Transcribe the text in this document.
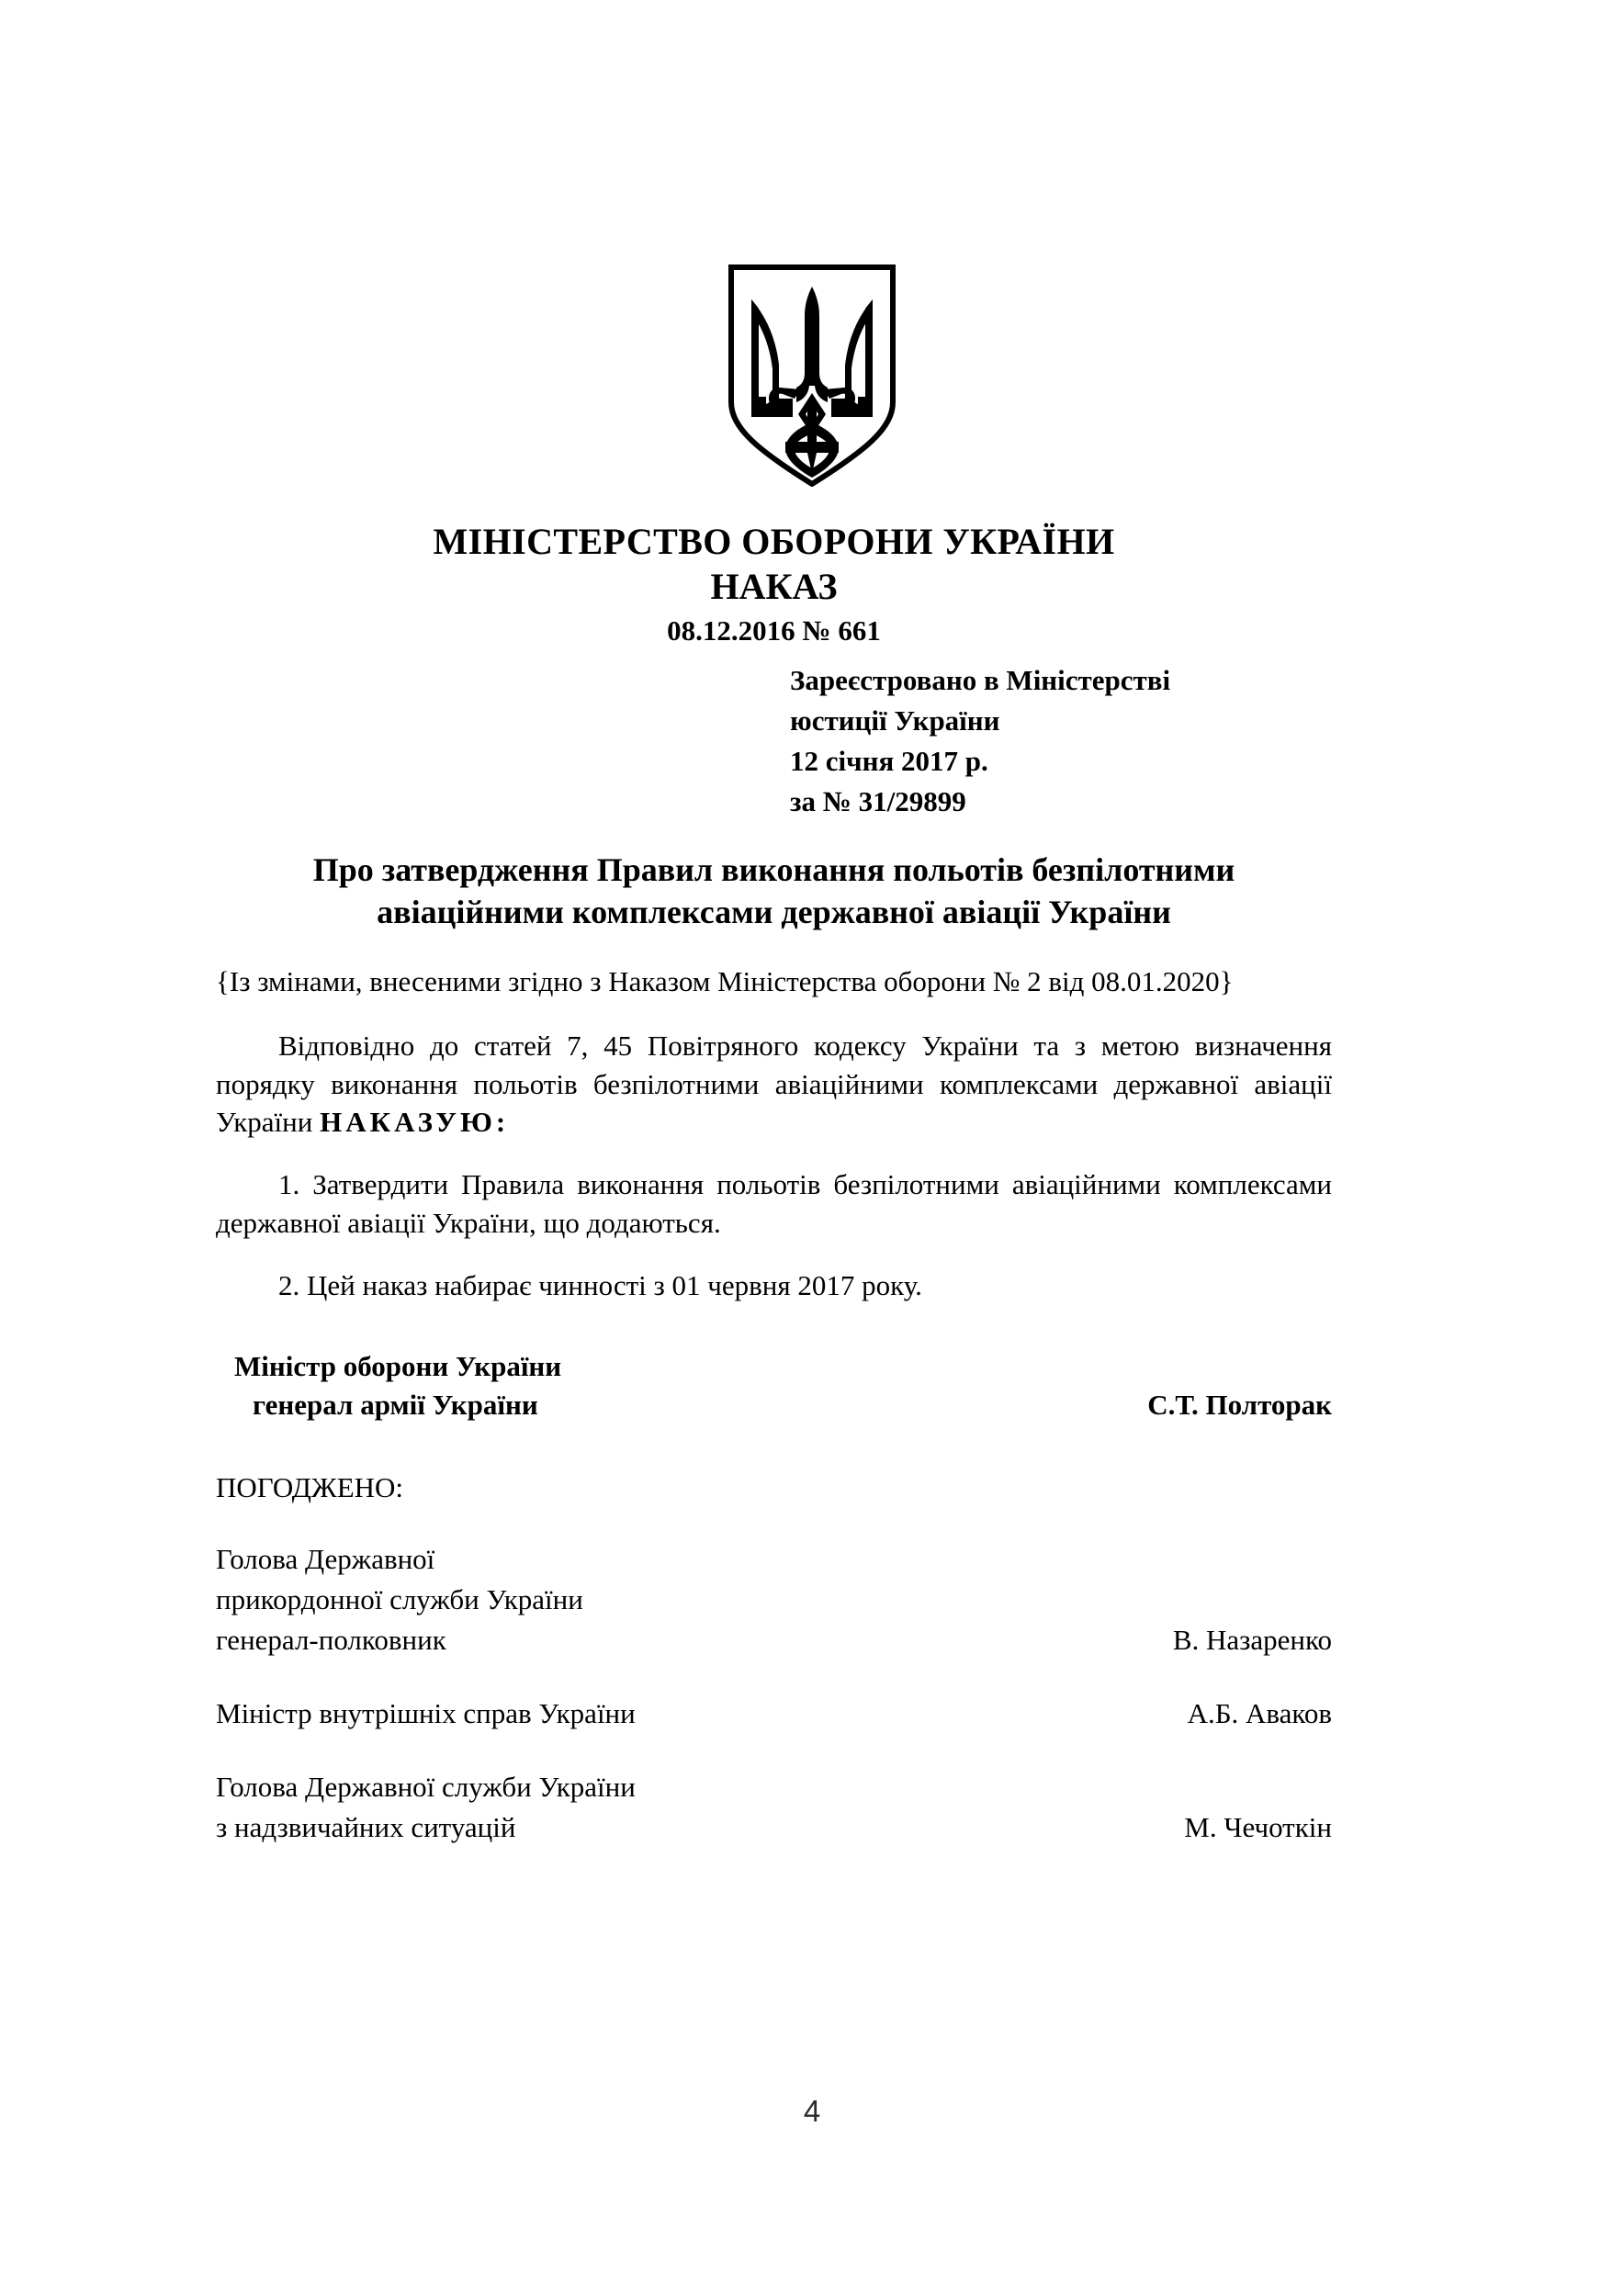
МІНІСТЕРСТВО ОБОРОНИ УКРАЇНИ
НАКАЗ
08.12.2016 № 661
Зареєстровано в Міністерстві
юстиції України
12 січня 2017 р.
за № 31/29899
Про затвердження Правил виконання польотів безпілотними авіаційними комплексами державної авіації України
{Із змінами, внесеними згідно з Наказом Міністерства оборони № 2 від 08.01.2020}
Відповідно до статей 7, 45 Повітряного кодексу України та з метою визначення порядку виконання польотів безпілотними авіаційними комплексами державної авіації України НАКАЗУЮ:
1. Затвердити Правила виконання польотів безпілотними авіаційними комплексами державної авіації України, що додаються.
2. Цей наказ набирає чинності з 01 червня 2017 року.
Міністр оборони України
генерал армії України	С.Т. Полторак
ПОГОДЖЕНО:
Голова Державної
прикордонної служби України
генерал-полковник	В. Назаренко
Міністр внутрішніх справ України	А.Б. Аваков
Голова Державної служби України
з надзвичайних ситуацій	М. Чечоткін
4
